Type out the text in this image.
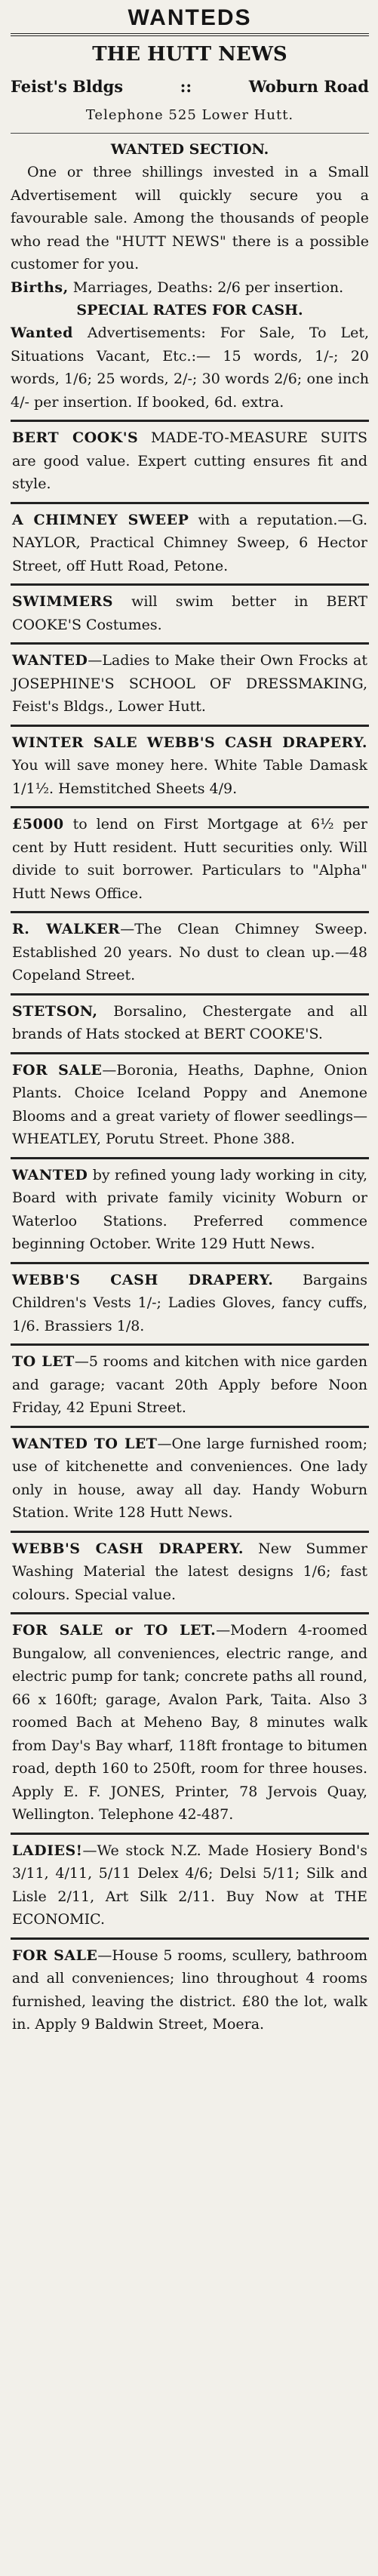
WANTEDS
THE HUTT NEWS
Feist's Bldgs	::	Woburn Road
Telephone 525 Lower Hutt.
WANTED SECTION.

One or three shillings invested in a Small Advertisement will quickly secure you a favourable sale. Among the thousands of people who read the "HUTT NEWS" there is a possible customer for you.

Births, Marriages, Deaths: 2/6 per insertion.

SPECIAL RATES FOR CASH.

Wanted Advertisements: For Sale, To Let, Situations Vacant, Etc.:— 15 words, 1/-; 20 words, 1/6; 25 words, 2/-; 30 words 2/6; one inch 4/- per insertion. If booked, 6d. extra.

BERT COOK'S MADE-TO-MEASURE SUITS are good value. Expert cutting ensures fit and style.

A CHIMNEY SWEEP with a reputation.—G. NAYLOR, Practical Chimney Sweep, 6 Hector Street, off Hutt Road, Petone.

SWIMMERS will swim better in BERT COOKE'S Costumes.

WANTED—Ladies to Make their Own Frocks at JOSEPHINE'S SCHOOL OF DRESSMAKING, Feist's Bldgs., Lower Hutt.

WINTER SALE WEBB'S CASH DRAPERY. You will save money here. White Table Damask 1/1½. Hemstitched Sheets 4/9.

£5000 to lend on First Mortgage at 6½ per cent by Hutt resident. Hutt securities only. Will divide to suit borrower. Particulars to "Alpha" Hutt News Office.

R. WALKER—The Clean Chimney Sweep. Established 20 years. No dust to clean up.—48 Copeland Street.

STETSON, Borsalino, Chestergate and all brands of Hats stocked at BERT COOKE'S.

FOR SALE—Boronia, Heaths, Daphne, Onion Plants. Choice Iceland Poppy and Anemone Blooms and a great variety of flower seedlings—WHEATLEY, Porutu Street. Phone 388.

WANTED by refined young lady working in city, Board with private family vicinity Woburn or Waterloo Stations. Preferred commence beginning October. Write 129 Hutt News.

WEBB'S CASH DRAPERY. Bargains Children's Vests 1/-; Ladies Gloves, fancy cuffs, 1/6. Brassiers 1/8.

TO LET—5 rooms and kitchen with nice garden and garage; vacant 20th Apply before Noon Friday, 42 Epuni Street.

WANTED TO LET—One large furnished room; use of kitchenette and conveniences. One lady only in house, away all day. Handy Woburn Station. Write 128 Hutt News.

WEBB'S CASH DRAPERY. New Summer Washing Material the latest designs 1/6; fast colours. Special value.

FOR SALE or TO LET.—Modern 4-roomed Bungalow, all conveniences, electric range, and electric pump for tank; concrete paths all round, 66 x 160ft; garage, Avalon Park, Taita. Also 3 roomed Bach at Meheno Bay, 8 minutes walk from Day's Bay wharf, 118ft frontage to bitumen road, depth 160 to 250ft, room for three houses. Apply E. F. JONES, Printer, 78 Jervois Quay, Wellington. Telephone 42-487.

LADIES!—We stock N.Z. Made Hosiery Bond's 3/11, 4/11, 5/11 Delex 4/6; Delsi 5/11; Silk and Lisle 2/11, Art Silk 2/11. Buy Now at THE ECONOMIC.

FOR SALE—House 5 rooms, scullery, bathroom and all conveniences; lino throughout 4 rooms furnished, leaving the district. £80 the lot, walk in. Apply 9 Baldwin Street, Moera.
